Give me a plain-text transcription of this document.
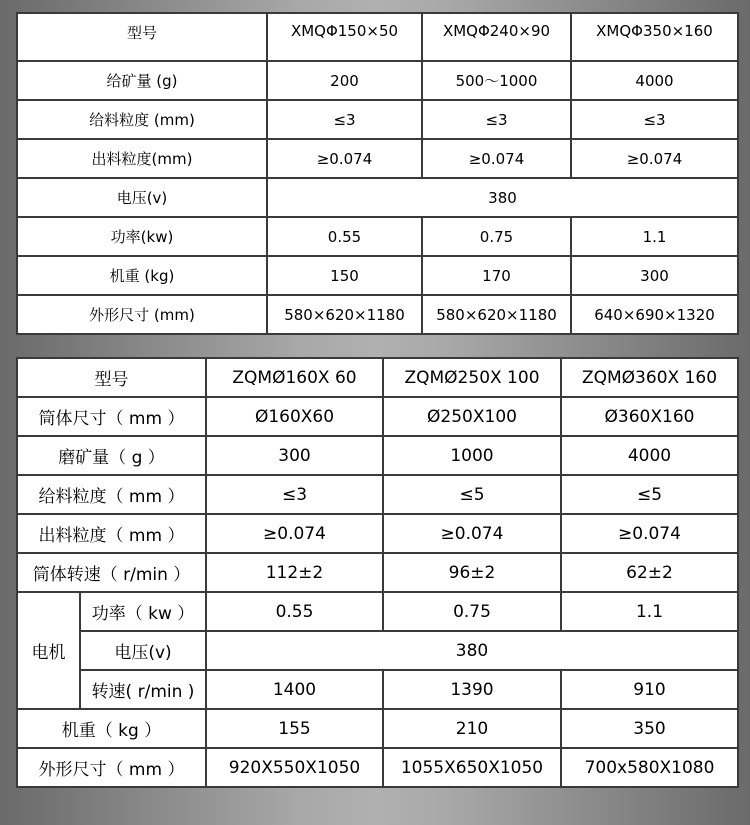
型号	XMQΦ150×50	XMQΦ240×90	XMQΦ350×160
给矿量 (g)	200	500～1000	4000
给料粒度 (mm)	≤3	≤3	≤3
出料粒度(mm)	≥0.074	≥0.074	≥0.074
电压(v)	380		
功率(kw)	0.55	0.75	1.1
机重 (kg)	150	170	300
外形尺寸 (mm)	580×620×1180	580×620×1180	640×690×1320
型号		ZQMØ160X 60	ZQMØ250X 100	ZQMØ360X 160
筒体尺寸（ mm ）		Ø160X60	Ø250X100	Ø360X160
磨矿量（ g ）		300	1000	4000
给料粒度（ mm ）		≤3	≤5	≤5
出料粒度（ mm ）		≥0.074	≥0.074	≥0.074
筒体转速（ r/min ）		112±2	96±2	62±2
电机	功率（ kw ）	0.55	0.75	1.1
	电压(v)	380		
	转速( r/min )	1400	1390	910
机重（ kg ）		155	210	350
外形尺寸（ mm ）		920X550X1050	1055X650X1050	700x580X1080
